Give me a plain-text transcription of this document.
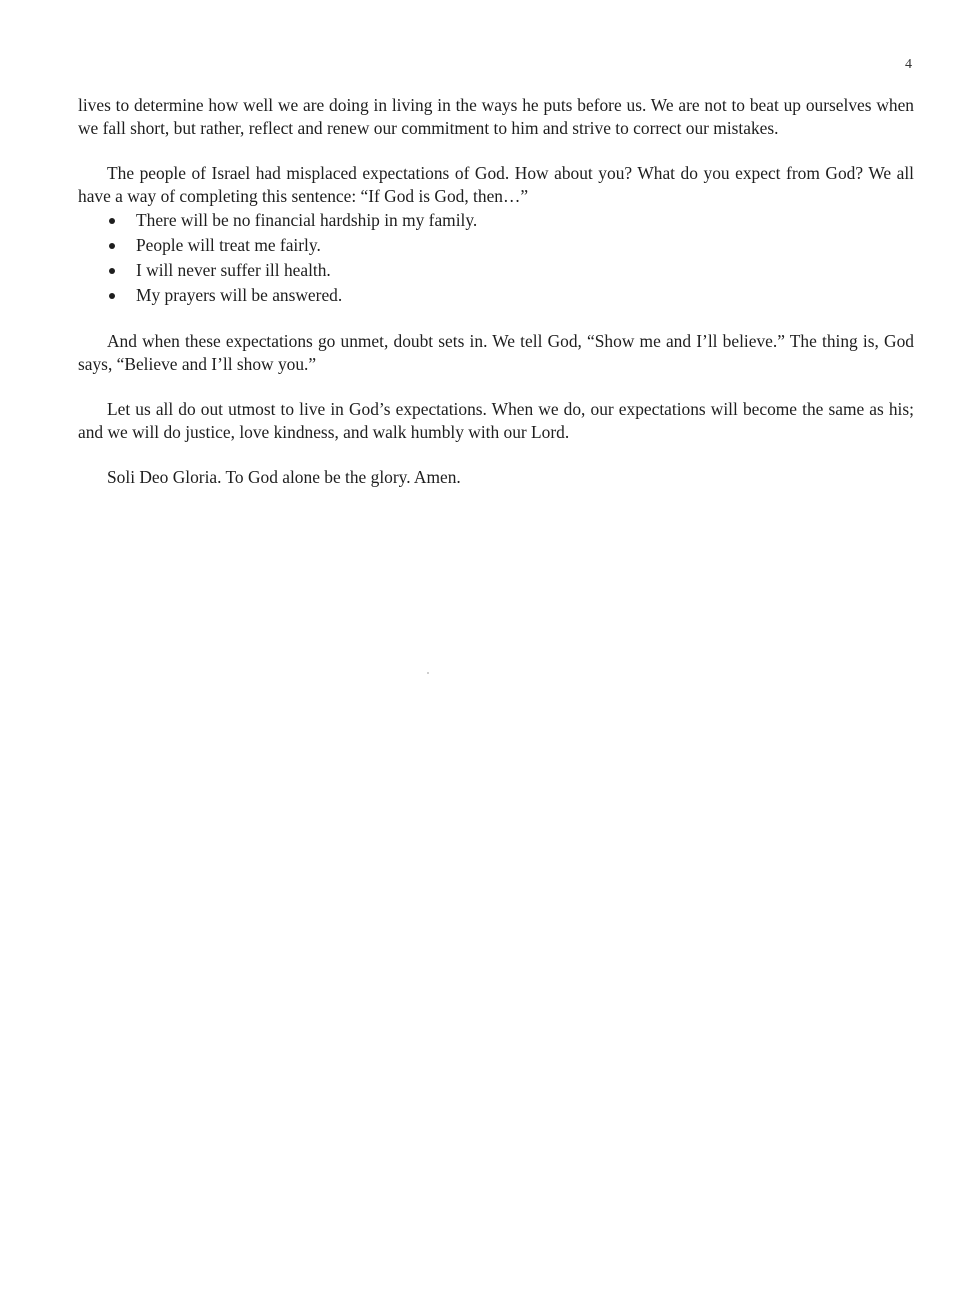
4

lives to determine how well we are doing in living in the ways he puts before us. We are not to beat up ourselves when we fall short, but rather, reflect and renew our commitment to him and strive to correct our mistakes.

The people of Israel had misplaced expectations of God. How about you? What do you expect from God? We all have a way of completing this sentence: “If God is God, then…”

There will be no financial hardship in my family.
People will treat me fairly.
I will never suffer ill health.
My prayers will be answered.

And when these expectations go unmet, doubt sets in. We tell God, “Show me and I’ll believe.” The thing is, God says, “Believe and I’ll show you.”

Let us all do out utmost to live in God’s expectations. When we do, our expectations will become the same as his; and we will do justice, love kindness, and walk humbly with our Lord.

Soli Deo Gloria. To God alone be the glory. Amen.
